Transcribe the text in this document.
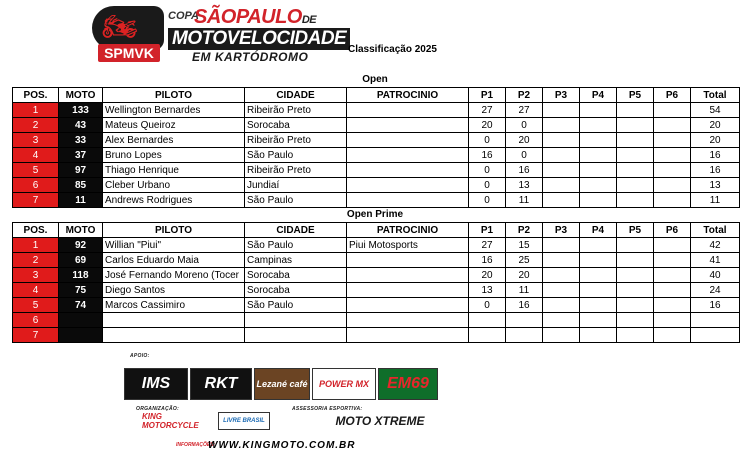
🏍
SPMVK
COPA
SÃOPAULODE
MOTOVELOCIDADE
EM KARTÓDROMO
Classificação 2025
Open
POS.	MOTO	PILOTO	CIDADE	PATROCINIO	P1	P2	P3	P4	P5	P6	Total
1	133	Wellington Bernardes	Ribeirão Preto		27	27					54
2	43	Mateus Queiroz	Sorocaba		20	0					20
3	33	Alex Bernardes	Ribeirão Preto		0	20					20
4	37	Bruno Lopes	São Paulo		16	0					16
5	97	Thiago Henrique	Ribeirão Preto		0	16					16
6	85	Cleber Urbano	Jundiaí		0	13					13
7	11	Andrews Rodrigues	São Paulo		0	11					11
Open Prime
POS.	MOTO	PILOTO	CIDADE	PATROCINIO	P1	P2	P3	P4	P5	P6	Total
1	92	Willian "Piui"	São Paulo	Piui Motosports	27	15					42
2	69	Carlos Eduardo Maia	Campinas		16	25					41
3	118	José Fernando Moreno (Tocer	Sorocaba		20	20					40
4	75	Diego Santos	Sorocaba		13	11					24
5	74	Marcos Cassimiro	São Paulo		0	16					16
6											
7											
APOIO:
IMS RKT Lezané café POWER MX EM69
ORGANIZAÇÃO:
KING MOTORCYCLE	LIVRE BRASIL
ASSESSORIA ESPORTIVA:
MOTO XTREME
INFORMAÇÕES:
WWW.KINGMOTO.COM.BR
